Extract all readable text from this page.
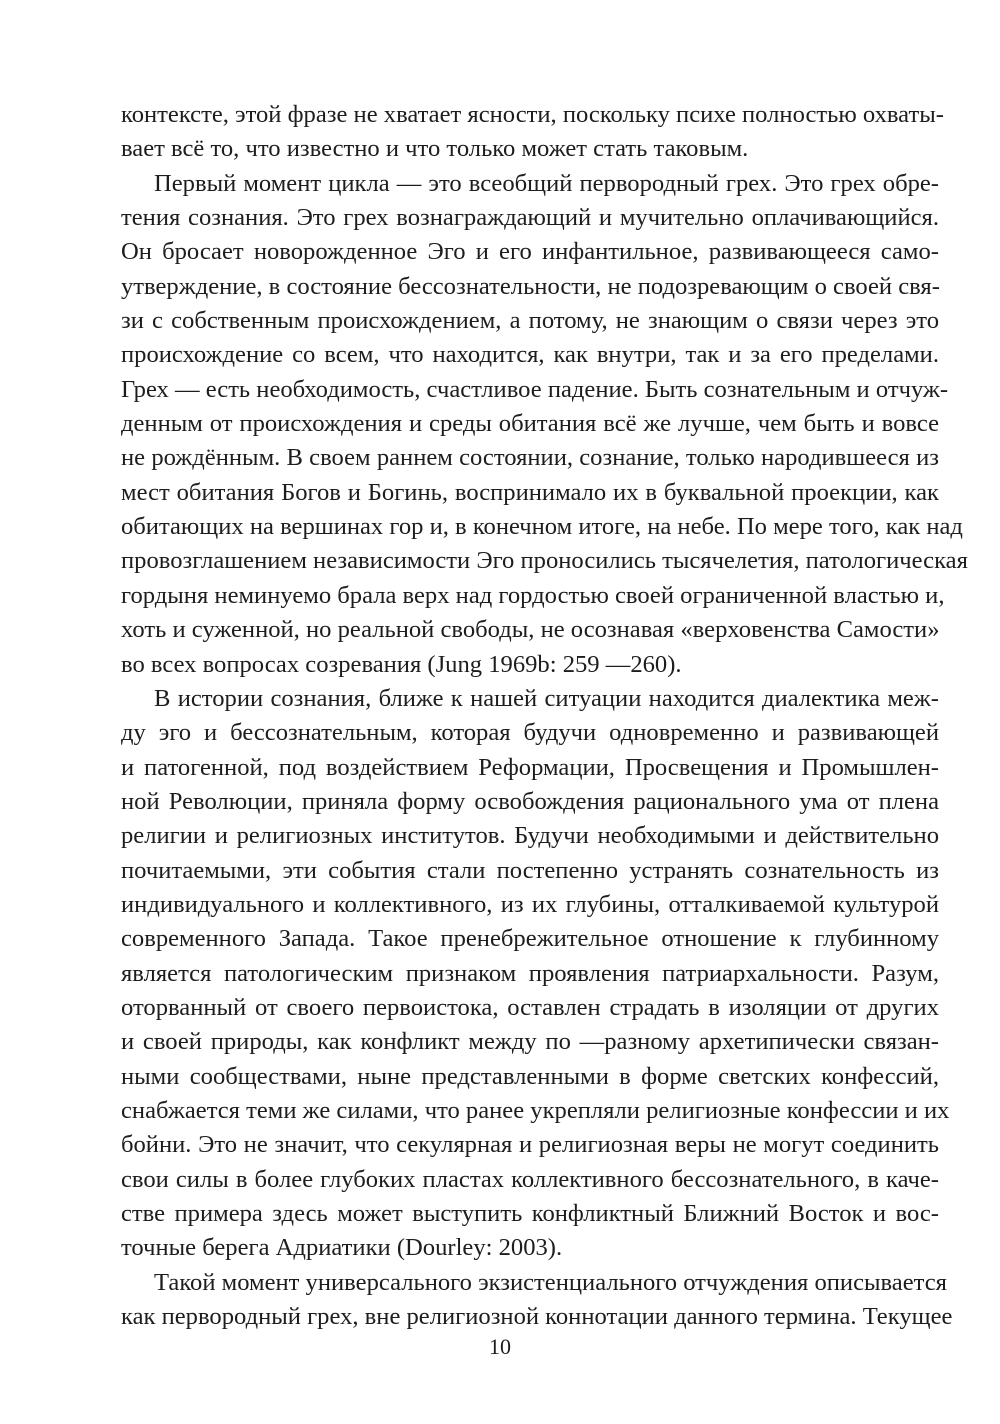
контексте, этой фразе не хватает ясности, поскольку психе полностью охваты-
вает всё то, что известно и что только может стать таковым.
Первый момент цикла — это всеобщий первородный грех. Это грех обре-
тения сознания. Это грех вознаграждающий и мучительно оплачивающийся.
Он бросает новорожденное Эго и его инфантильное, развивающееся само-
утверждение, в состояние бессознательности, не подозревающим о своей свя-
зи с собственным происхождением, а потому, не знающим о связи через это
происхождение со всем, что находится, как внутри, так и за его пределами.
Грех — есть необходимость, счастливое падение. Быть сознательным и отчуж-
денным от происхождения и среды обитания всё же лучше, чем быть и вовсе
не рождённым. В своем раннем состоянии, сознание, только народившееся из
мест обитания Богов и Богинь, воспринимало их в буквальной проекции, как
обитающих на вершинах гор и, в конечном итоге, на небе. По мере того, как над
провозглашением независимости Эго проносились тысячелетия, патологическая
гордыня неминуемо брала верх над гордостью своей ограниченной властью и,
хоть и суженной, но реальной свободы, не осознавая «верховенства Самости»
во всех вопросах созревания (Jung 1969b: 259 —260).
В истории сознания, ближе к нашей ситуации находится диалектика меж-
ду эго и бессознательным, которая будучи одновременно и развивающей
и патогенной, под воздействием Реформации, Просвещения и Промышлен-
ной Революции, приняла форму освобождения рационального ума от плена
религии и религиозных институтов. Будучи необходимыми и действительно
почитаемыми, эти события стали постепенно устранять сознательность из
индивидуального и коллективного, из их глубины, отталкиваемой культурой
современного Запада. Такое пренебрежительное отношение к глубинному
является патологическим признаком проявления патриархальности. Разум,
оторванный от своего первоистока, оставлен страдать в изоляции от других
и своей природы, как конфликт между по —разному архетипически связан-
ными сообществами, ныне представленными в форме светских конфессий,
снабжается теми же силами, что ранее укрепляли религиозные конфессии и их
бойни. Это не значит, что секулярная и религиозная веры не могут соединить
свои силы в более глубоких пластах коллективного бессознательного, в каче-
стве примера здесь может выступить конфликтный Ближний Восток и вос-
точные берега Адриатики (Dourley: 2003).
Такой момент универсального экзистенциального отчуждения описывается
как первородный грех, вне религиозной коннотации данного термина. Текущее
10
